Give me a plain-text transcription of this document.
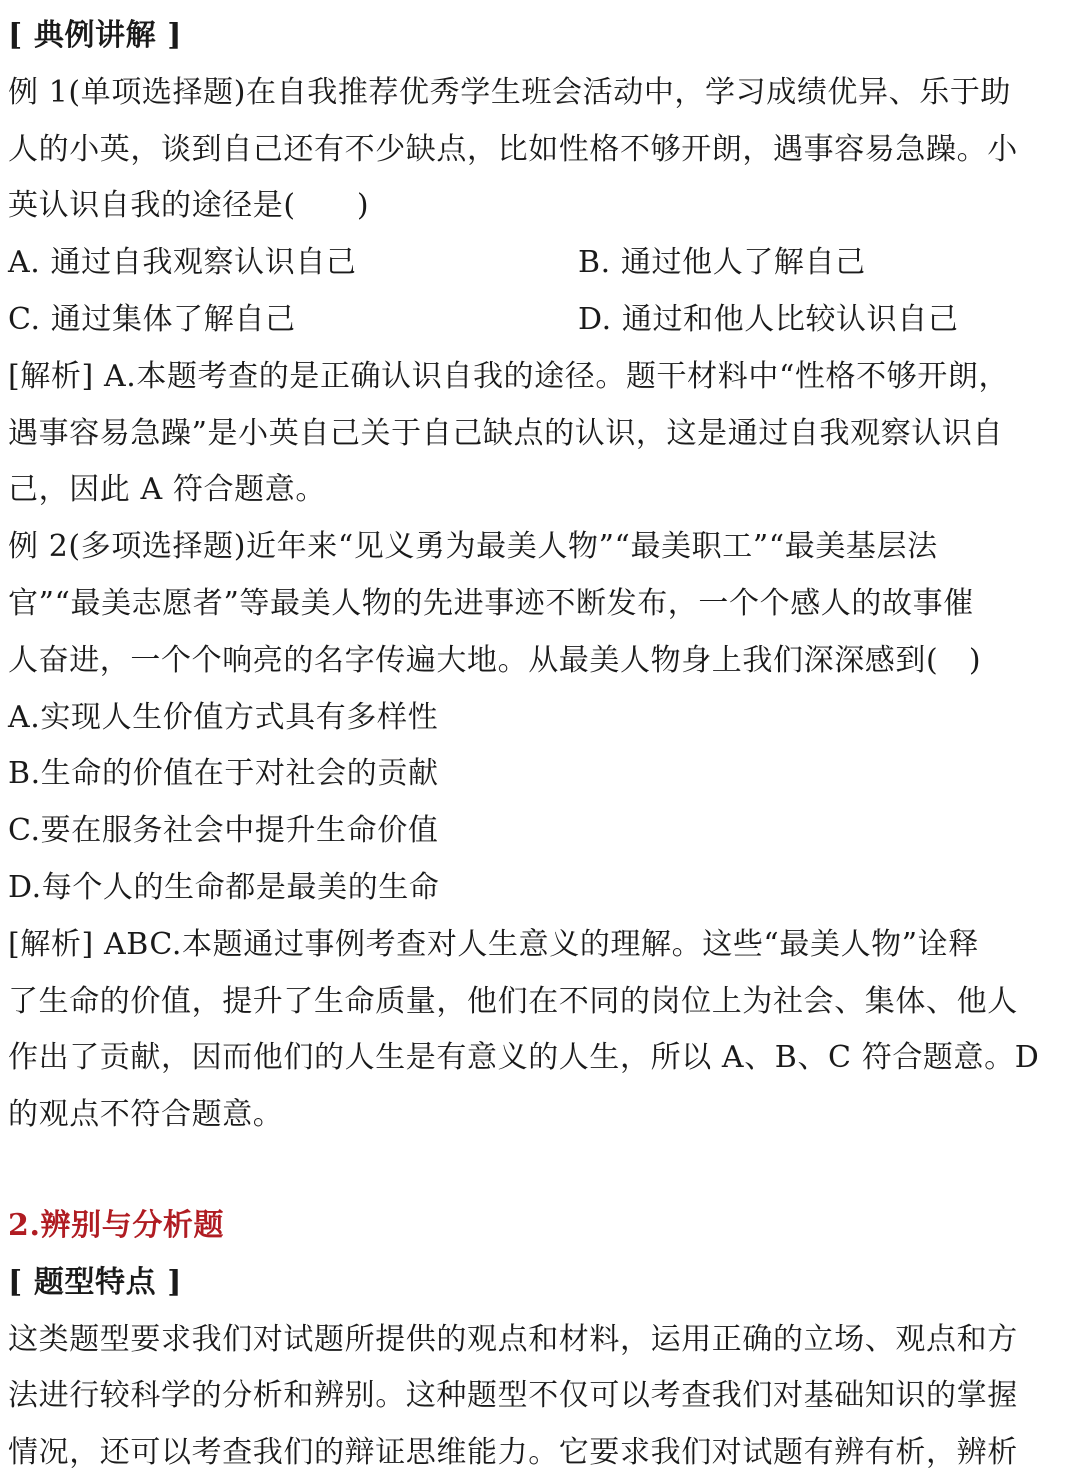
[ 典例讲解 ]
例 1(单项选择题)在自我推荐优秀学生班会活动中，学习成绩优异、乐于助
人的小英，谈到自己还有不少缺点，比如性格不够开朗，遇事容易急躁。小
英认识自我的途径是(　　)
A. 通过自我观察认识自己	B. 通过他人了解自己
C. 通过集体了解自己	D. 通过和他人比较认识自己
[解析] A.本题考查的是正确认识自我的途径。题干材料中“性格不够开朗，
遇事容易急躁”是小英自己关于自己缺点的认识，这是通过自我观察认识自
己，因此 A 符合题意。
例 2(多项选择题)近年来“见义勇为最美人物”“最美职工”“最美基层法
官”“最美志愿者”等最美人物的先进事迹不断发布，一个个感人的故事催
人奋进，一个个响亮的名字传遍大地。从最美人物身上我们深深感到(　)
A.实现人生价值方式具有多样性
B.生命的价值在于对社会的贡献
C.要在服务社会中提升生命价值
D.每个人的生命都是最美的生命
[解析] ABC.本题通过事例考查对人生意义的理解。这些“最美人物”诠释
了生命的价值，提升了生命质量，他们在不同的岗位上为社会、集体、他人
作出了贡献，因而他们的人生是有意义的人生，所以 A、B、C 符合题意。D
的观点不符合题意。
2.辨别与分析题
[ 题型特点 ]
这类题型要求我们对试题所提供的观点和材料，运用正确的立场、观点和方
法进行较科学的分析和辨别。这种题型不仅可以考查我们对基础知识的掌握
情况，还可以考查我们的辩证思维能力。它要求我们对试题有辨有析，辨析
